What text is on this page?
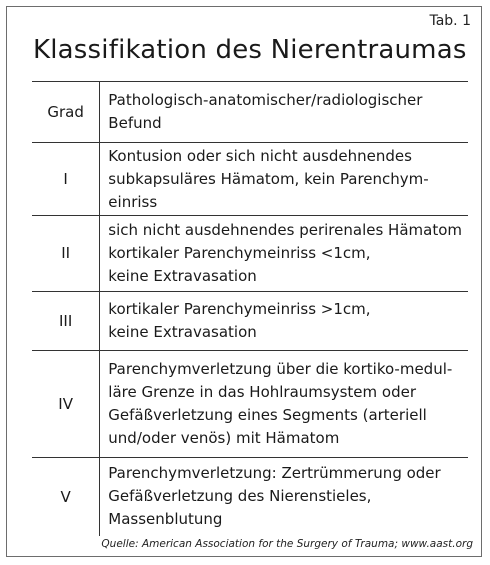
Tab. 1
Klassifikation des Nierentraumas
Grad	Pathologisch-anatomischer/radiologischer
Befund

I	Kontusion oder sich nicht ausdehnendes
subkapsuläres Hämatom, kein Parenchym-
einriss

II	sich nicht ausdehnendes perirenales Hämatom
kortikaler Parenchymeinriss <1cm,
keine Extravasation

III	kortikaler Parenchymeinriss >1cm,
keine Extravasation

IV	Parenchymverletzung über die kortiko-medul-
läre Grenze in das Hohlraumsystem oder
Gefäßverletzung eines Segments (arteriell
und/oder venös) mit Hämatom

V	Parenchymverletzung: Zertrümmerung oder
Gefäßverletzung des Nierenstieles,
Massenblutung
Quelle: American Association for the Surgery of Trauma; www.aast.org
